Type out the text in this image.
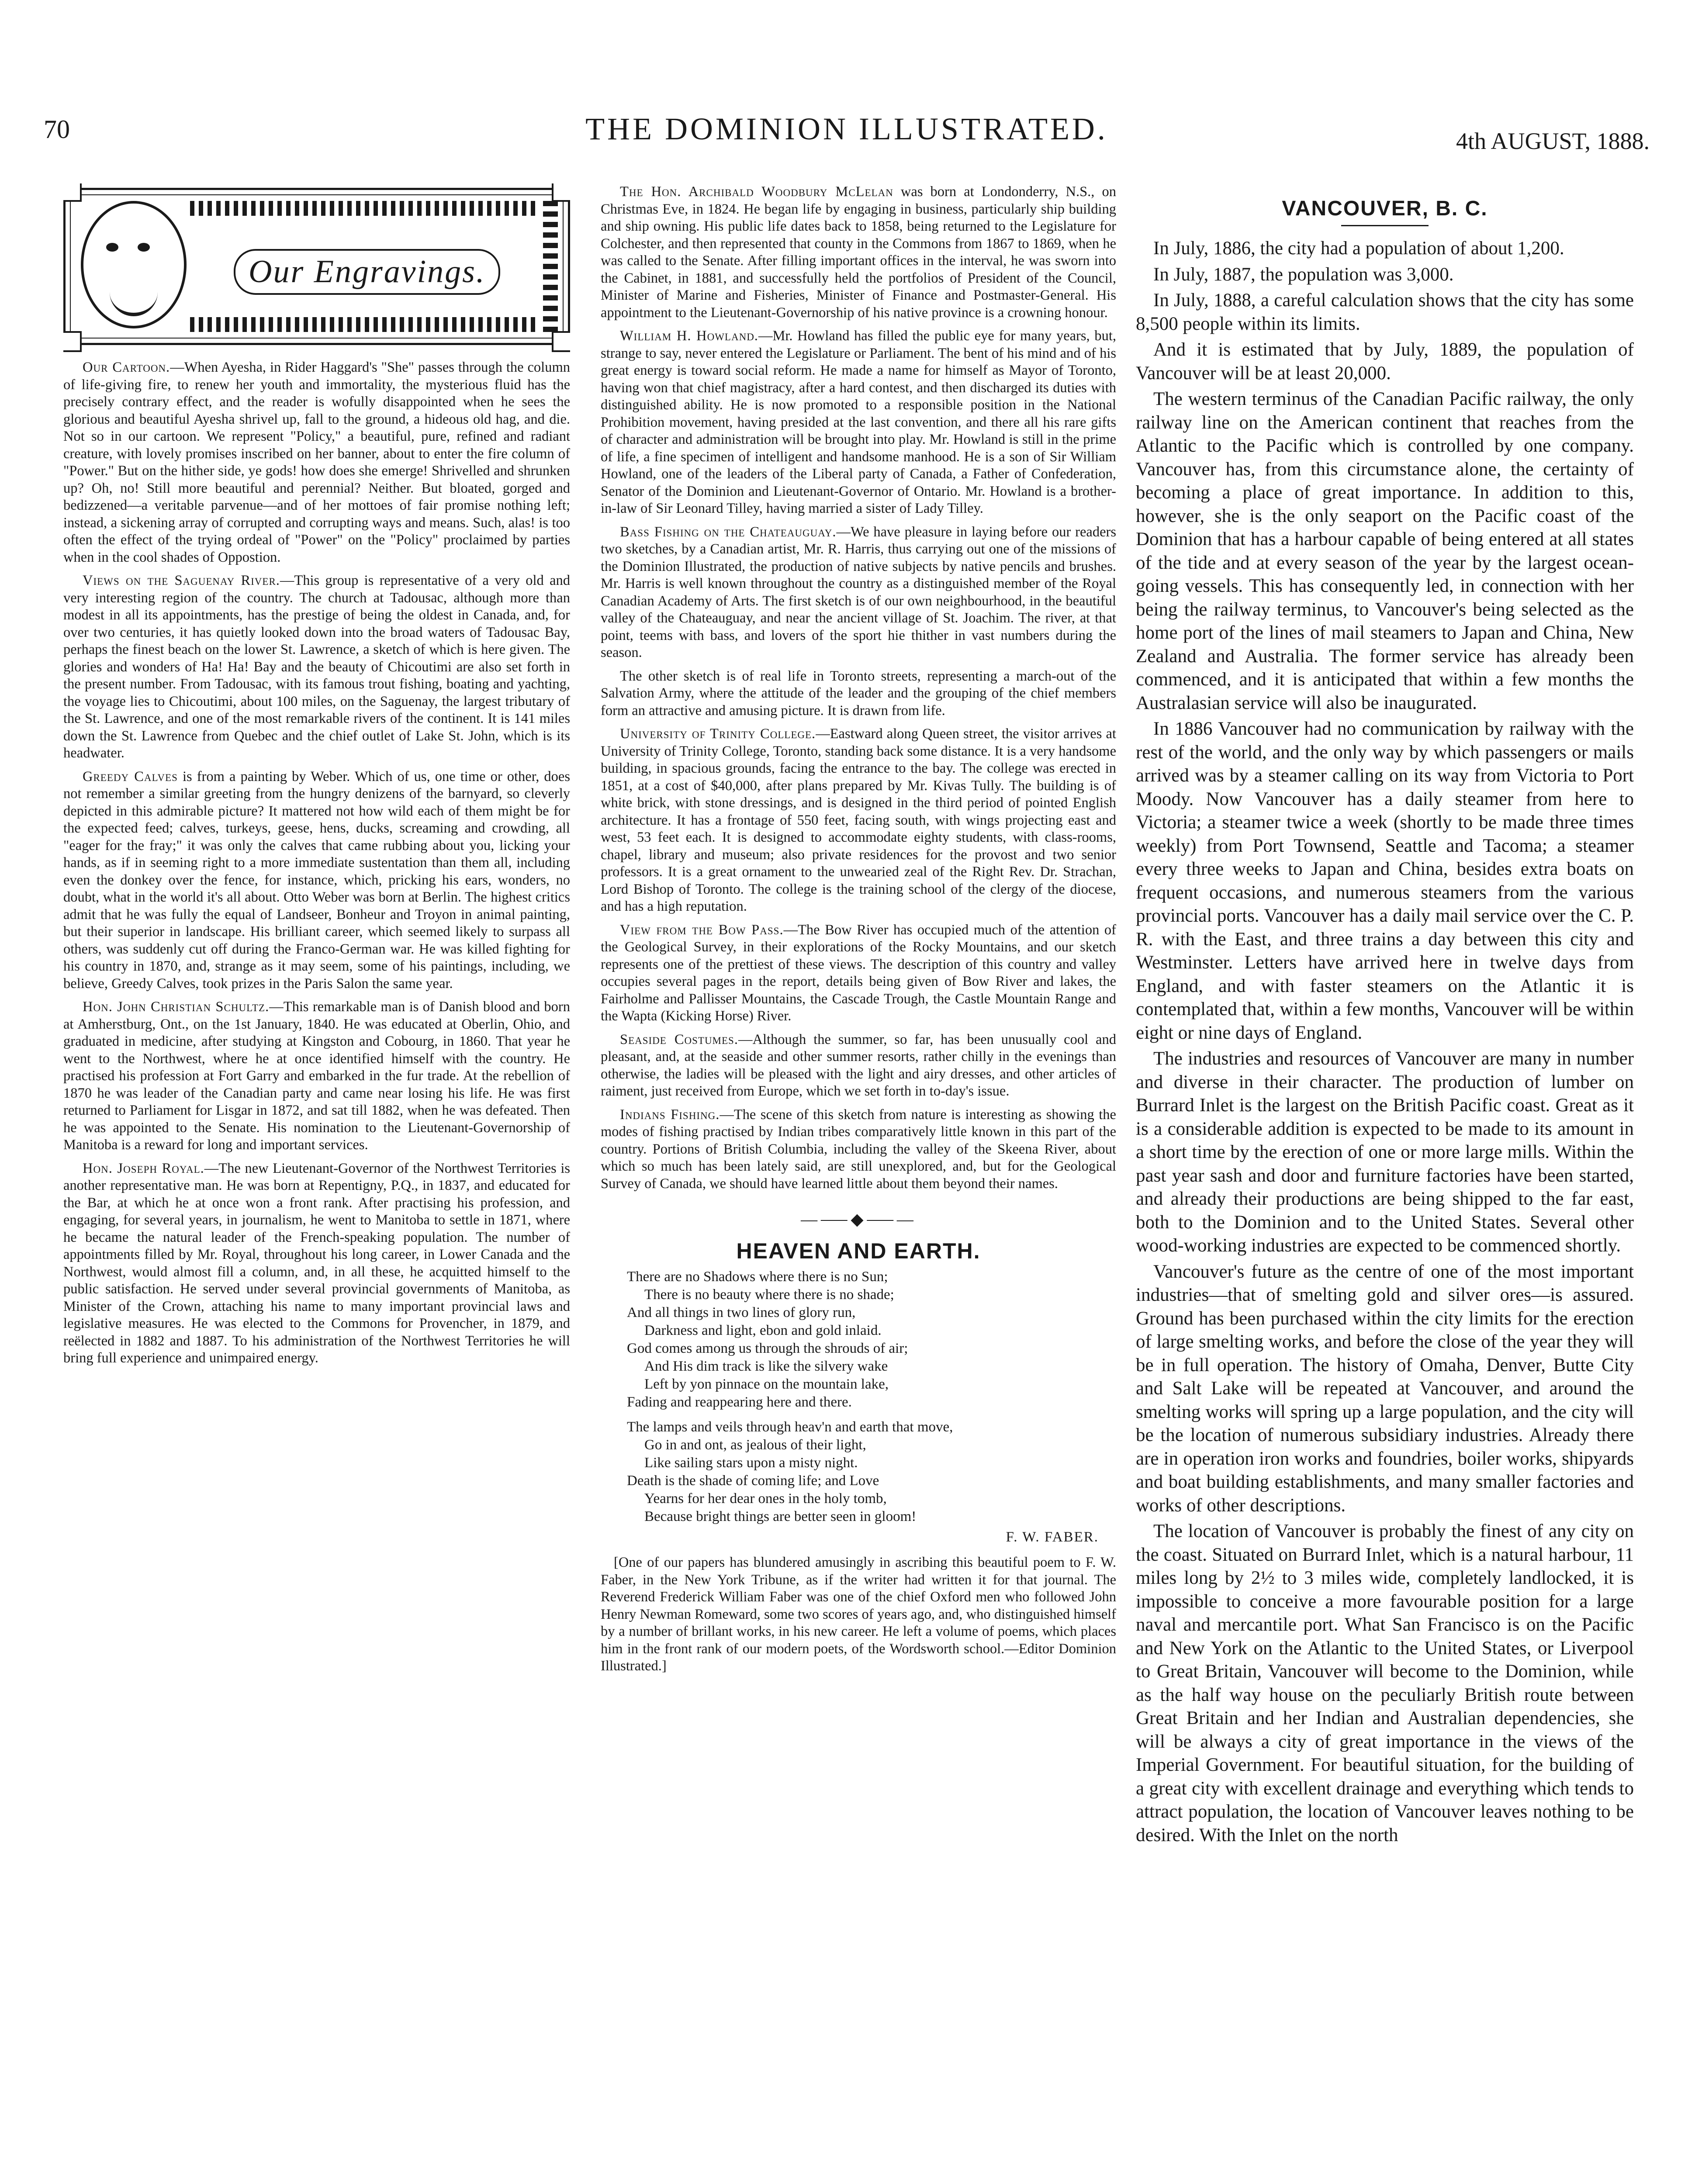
70	THE DOMINION ILLUSTRATED.	4th AUGUST, 1888.
Our Engravings.

Our Cartoon.—When Ayesha, in Rider Haggard's "She" passes through the column of life-giving fire, to renew her youth and immortality, the mysterious fluid has the precisely contrary effect, and the reader is wofully disappointed when he sees the glorious and beautiful Ayesha shrivel up, fall to the ground, a hideous old hag, and die. Not so in our cartoon. We represent "Policy," a beautiful, pure, refined and radiant creature, with lovely promises inscribed on her banner, about to enter the fire column of "Power." But on the hither side, ye gods! how does she emerge! Shrivelled and shrunken up? Oh, no! Still more beautiful and perennial? Neither. But bloated, gorged and bedizzened—a veritable parvenue—and of her mottoes of fair promise nothing left; instead, a sickening array of corrupted and corrupting ways and means. Such, alas! is too often the effect of the trying ordeal of "Power" on the "Policy" proclaimed by parties when in the cool shades of Oppostion.

Views on the Saguenay River.—This group is representative of a very old and very interesting region of the country. The church at Tadousac, although more than modest in all its appointments, has the prestige of being the oldest in Canada, and, for over two centuries, it has quietly looked down into the broad waters of Tadousac Bay, perhaps the finest beach on the lower St. Lawrence, a sketch of which is here given. The glories and wonders of Ha! Ha! Bay and the beauty of Chicoutimi are also set forth in the present number. From Tadousac, with its famous trout fishing, boating and yachting, the voyage lies to Chicoutimi, about 100 miles, on the Saguenay, the largest tributary of the St. Lawrence, and one of the most remarkable rivers of the continent. It is 141 miles down the St. Lawrence from Quebec and the chief outlet of Lake St. John, which is its headwater.

Greedy Calves is from a painting by Weber. Which of us, one time or other, does not remember a similar greeting from the hungry denizens of the barnyard, so cleverly depicted in this admirable picture? It mattered not how wild each of them might be for the expected feed; calves, turkeys, geese, hens, ducks, screaming and crowding, all "eager for the fray;" it was only the calves that came rubbing about you, licking your hands, as if in seeming right to a more immediate sustentation than them all, including even the donkey over the fence, for instance, which, pricking his ears, wonders, no doubt, what in the world it's all about. Otto Weber was born at Berlin. The highest critics admit that he was fully the equal of Landseer, Bonheur and Troyon in animal painting, but their superior in landscape. His brilliant career, which seemed likely to surpass all others, was suddenly cut off during the Franco-German war. He was killed fighting for his country in 1870, and, strange as it may seem, some of his paintings, including, we believe, Greedy Calves, took prizes in the Paris Salon the same year.

Hon. John Christian Schultz.—This remarkable man is of Danish blood and born at Amherstburg, Ont., on the 1st January, 1840. He was educated at Oberlin, Ohio, and graduated in medicine, after studying at Kingston and Cobourg, in 1860. That year he went to the Northwest, where he at once identified himself with the country. He practised his profession at Fort Garry and embarked in the fur trade. At the rebellion of 1870 he was leader of the Canadian party and came near losing his life. He was first returned to Parliament for Lisgar in 1872, and sat till 1882, when he was defeated. Then he was appointed to the Senate. His nomination to the Lieutenant-Governorship of Manitoba is a reward for long and important services.

Hon. Joseph Royal.—The new Lieutenant-Governor of the Northwest Territories is another representative man. He was born at Repentigny, P.Q., in 1837, and educated for the Bar, at which he at once won a front rank. After practising his profession, and engaging, for several years, in journalism, he went to Manitoba to settle in 1871, where he became the natural leader of the French-speaking population. The number of appointments filled by Mr. Royal, throughout his long career, in Lower Canada and the Northwest, would almost fill a column, and, in all these, he acquitted himself to the public satisfaction. He served under several provincial governments of Manitoba, as Minister of the Crown, attaching his name to many important provincial laws and legislative measures. He was elected to the Commons for Provencher, in 1879, and reëlected in 1882 and 1887. To his administration of the Northwest Territories he will bring full experience and unimpaired energy.

The Hon. Archibald Woodbury McLelan was born at Londonderry, N.S., on Christmas Eve, in 1824. He began life by engaging in business, particularly ship building and ship owning. His public life dates back to 1858, being returned to the Legislature for Colchester, and then represented that county in the Commons from 1867 to 1869, when he was called to the Senate. After filling important offices in the interval, he was sworn into the Cabinet, in 1881, and successfully held the portfolios of President of the Council, Minister of Marine and Fisheries, Minister of Finance and Postmaster-General. His appointment to the Lieutenant-Governorship of his native province is a crowning honour.

William H. Howland.—Mr. Howland has filled the public eye for many years, but, strange to say, never entered the Legislature or Parliament. The bent of his mind and of his great energy is toward social reform. He made a name for himself as Mayor of Toronto, having won that chief magistracy, after a hard contest, and then discharged its duties with distinguished ability. He is now promoted to a responsible position in the National Prohibition movement, having presided at the last convention, and there all his rare gifts of character and administration will be brought into play. Mr. Howland is still in the prime of life, a fine specimen of intelligent and handsome manhood. He is a son of Sir William Howland, one of the leaders of the Liberal party of Canada, a Father of Confederation, Senator of the Dominion and Lieutenant-Governor of Ontario. Mr. Howland is a brother-in-law of Sir Leonard Tilley, having married a sister of Lady Tilley.

Bass Fishing on the Chateauguay.—We have pleasure in laying before our readers two sketches, by a Canadian artist, Mr. R. Harris, thus carrying out one of the missions of the Dominion Illustrated, the production of native subjects by native pencils and brushes. Mr. Harris is well known throughout the country as a distinguished member of the Royal Canadian Academy of Arts. The first sketch is of our own neighbourhood, in the beautiful valley of the Chateauguay, and near the ancient village of St. Joachim. The river, at that point, teems with bass, and lovers of the sport hie thither in vast numbers during the season.

The other sketch is of real life in Toronto streets, representing a march-out of the Salvation Army, where the attitude of the leader and the grouping of the chief members form an attractive and amusing picture. It is drawn from life.

University of Trinity College.—Eastward along Queen street, the visitor arrives at University of Trinity College, Toronto, standing back some distance. It is a very handsome building, in spacious grounds, facing the entrance to the bay. The college was erected in 1851, at a cost of $40,000, after plans prepared by Mr. Kivas Tully. The building is of white brick, with stone dressings, and is designed in the third period of pointed English architecture. It has a frontage of 550 feet, facing south, with wings projecting east and west, 53 feet each. It is designed to accommodate eighty students, with class-rooms, chapel, library and museum; also private residences for the provost and two senior professors. It is a great ornament to the unwearied zeal of the Right Rev. Dr. Strachan, Lord Bishop of Toronto. The college is the training school of the clergy of the diocese, and has a high reputation.

View from the Bow Pass.—The Bow River has occupied much of the attention of the Geological Survey, in their explorations of the Rocky Mountains, and our sketch represents one of the prettiest of these views. The description of this country and valley occupies several pages in the report, details being given of Bow River and lakes, the Fairholme and Pallisser Mountains, the Cascade Trough, the Castle Mountain Range and the Wapta (Kicking Horse) River.

Seaside Costumes.—Although the summer, so far, has been unusually cool and pleasant, and, at the seaside and other summer resorts, rather chilly in the evenings than otherwise, the ladies will be pleased with the light and airy dresses, and other articles of raiment, just received from Europe, which we set forth in to-day's issue.

Indians Fishing.—The scene of this sketch from nature is interesting as showing the modes of fishing practised by Indian tribes comparatively little known in this part of the country. Portions of British Columbia, including the valley of the Skeena River, about which so much has been lately said, are still unexplored, and, but for the Geological Survey of Canada, we should have learned little about them beyond their names.

—⸺◆⸺—
HEAVEN AND EARTH.
There are no Shadows where there is no Sun;
There is no beauty where there is no shade;
And all things in two lines of glory run,
Darkness and light, ebon and gold inlaid.
God comes among us through the shrouds of air;
And His dim track is like the silvery wake
Left by yon pinnace on the mountain lake,
Fading and reappearing here and there.
The lamps and veils through heav'n and earth that move,
Go in and ont, as jealous of their light,
Like sailing stars upon a misty night.
Death is the shade of coming life; and Love
Yearns for her dear ones in the holy tomb,
Because bright things are better seen in gloom!
F. W. FABER.

[One of our papers has blundered amusingly in ascribing this beautiful poem to F. W. Faber, in the New York Tribune, as if the writer had written it for that journal. The Reverend Frederick William Faber was one of the chief Oxford men who followed John Henry Newman Romeward, some two scores of years ago, and, who distinguished himself by a number of brillant works, in his new career. He left a volume of poems, which places him in the front rank of our modern poets, of the Wordsworth school.—Editor Dominion Illustrated.]

VANCOUVER, B. C.

In July, 1886, the city had a population of about 1,200.

In July, 1887, the population was 3,000.

In July, 1888, a careful calculation shows that the city has some 8,500 people within its limits.

And it is estimated that by July, 1889, the population of Vancouver will be at least 20,000.

The western terminus of the Canadian Pacific railway, the only railway line on the American continent that reaches from the Atlantic to the Pacific which is controlled by one company. Vancouver has, from this circumstance alone, the certainty of becoming a place of great importance. In addition to this, however, she is the only seaport on the Pacific coast of the Dominion that has a harbour capable of being entered at all states of the tide and at every season of the year by the largest ocean-going vessels. This has consequently led, in connection with her being the railway terminus, to Vancouver's being selected as the home port of the lines of mail steamers to Japan and China, New Zealand and Australia. The former service has already been commenced, and it is anticipated that within a few months the Australasian service will also be inaugurated.

In 1886 Vancouver had no communication by railway with the rest of the world, and the only way by which passengers or mails arrived was by a steamer calling on its way from Victoria to Port Moody. Now Vancouver has a daily steamer from here to Victoria; a steamer twice a week (shortly to be made three times weekly) from Port Townsend, Seattle and Tacoma; a steamer every three weeks to Japan and China, besides extra boats on frequent occasions, and numerous steamers from the various provincial ports. Vancouver has a daily mail service over the C. P. R. with the East, and three trains a day between this city and Westminster. Letters have arrived here in twelve days from England, and with faster steamers on the Atlantic it is contemplated that, within a few months, Vancouver will be within eight or nine days of England.

The industries and resources of Vancouver are many in number and diverse in their character. The production of lumber on Burrard Inlet is the largest on the British Pacific coast. Great as it is a considerable addition is expected to be made to its amount in a short time by the erection of one or more large mills. Within the past year sash and door and furniture factories have been started, and already their productions are being shipped to the far east, both to the Dominion and to the United States. Several other wood-working industries are expected to be commenced shortly.

Vancouver's future as the centre of one of the most important industries—that of smelting gold and silver ores—is assured. Ground has been purchased within the city limits for the erection of large smelting works, and before the close of the year they will be in full operation. The history of Omaha, Denver, Butte City and Salt Lake will be repeated at Vancouver, and around the smelting works will spring up a large population, and the city will be the location of numerous subsidiary industries. Already there are in operation iron works and foundries, boiler works, shipyards and boat building establishments, and many smaller factories and works of other descriptions.

The location of Vancouver is probably the finest of any city on the coast. Situated on Burrard Inlet, which is a natural harbour, 11 miles long by 2½ to 3 miles wide, completely landlocked, it is impossible to conceive a more favourable position for a large naval and mercantile port. What San Francisco is on the Pacific and New York on the Atlantic to the United States, or Liverpool to Great Britain, Vancouver will become to the Dominion, while as the half way house on the peculiarly British route between Great Britain and her Indian and Australian dependencies, she will be always a city of great importance in the views of the Imperial Government. For beautiful situation, for the building of a great city with excellent drainage and everything which tends to attract population, the location of Vancouver leaves nothing to be desired. With the Inlet on the north
